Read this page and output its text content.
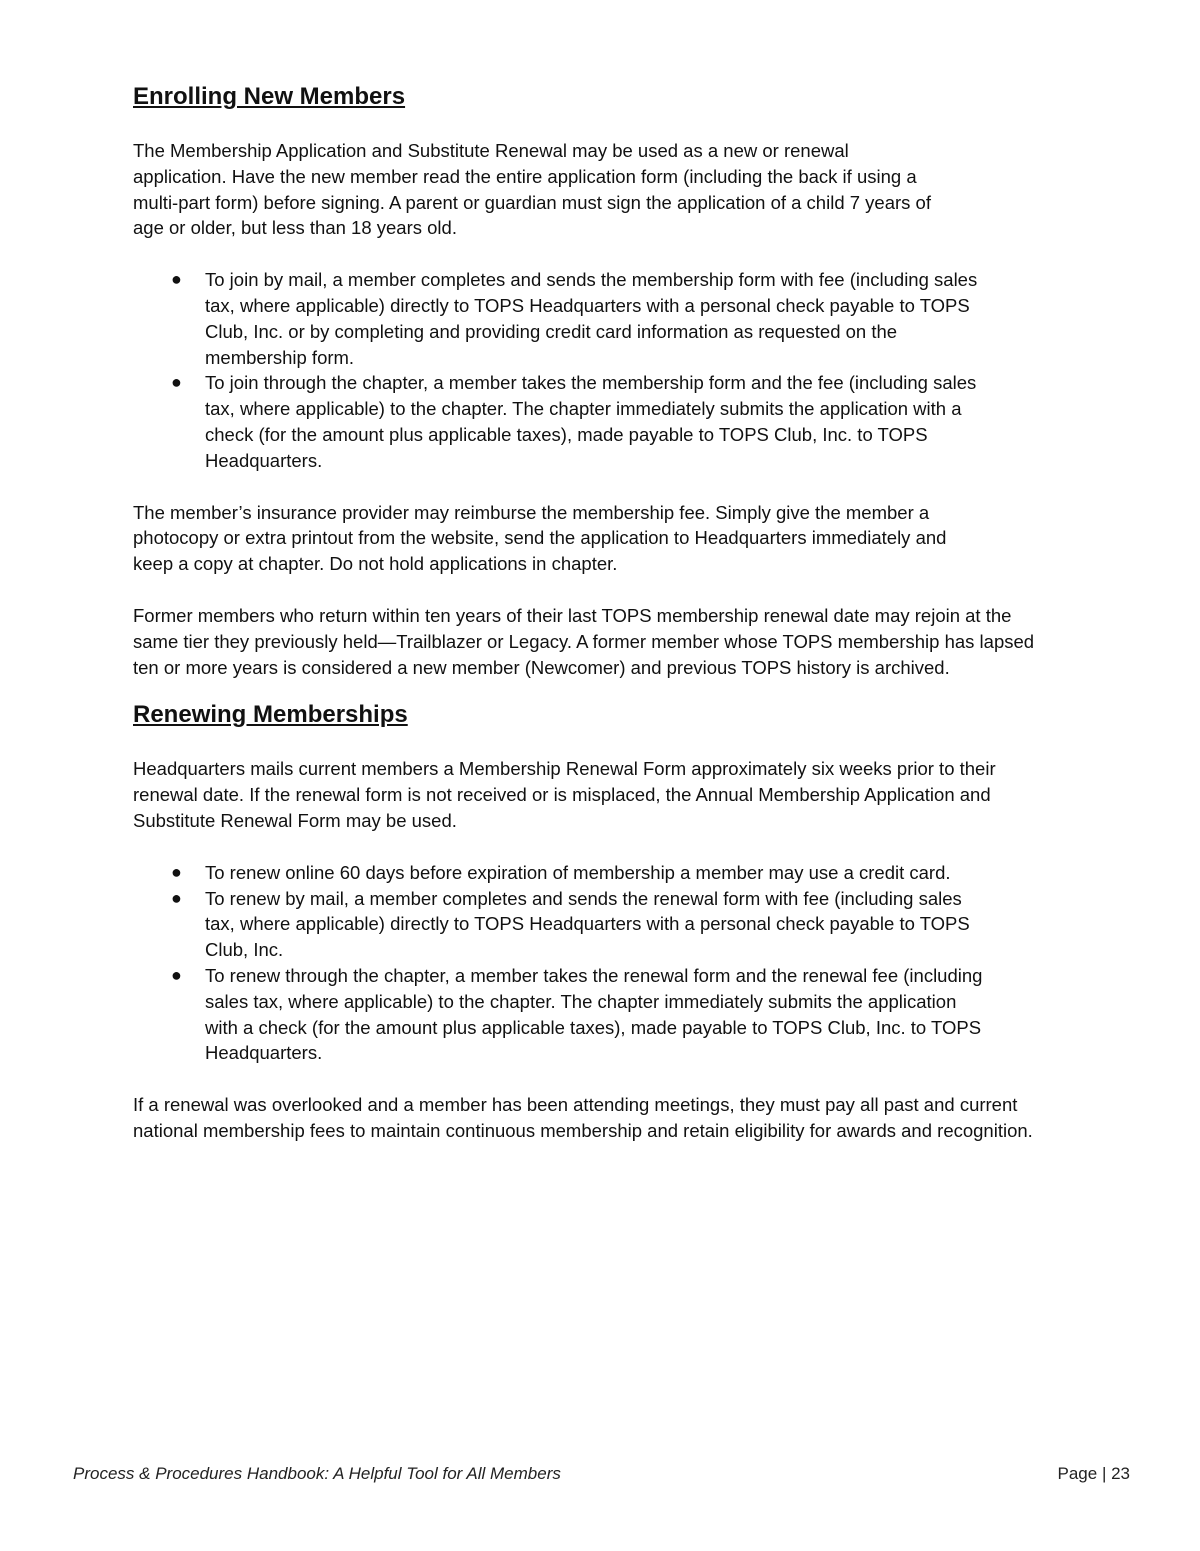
Enrolling New Members

The Membership Application and Substitute Renewal may be used as a new or renewal application. Have the new member read the entire application form (including the back if using a multi-part form) before signing. A parent or guardian must sign the application of a child 7 years of age or older, but less than 18 years old.

● To join by mail, a member completes and sends the membership form with fee (including sales tax, where applicable) directly to TOPS Headquarters with a personal check payable to TOPS Club, Inc. or by completing and providing credit card information as requested on the membership form.
● To join through the chapter, a member takes the membership form and the fee (including sales tax, where applicable) to the chapter. The chapter immediately submits the application with a check (for the amount plus applicable taxes), made payable to TOPS Club, Inc. to TOPS Headquarters.

The member’s insurance provider may reimburse the membership fee. Simply give the member a photocopy or extra printout from the website, send the application to Headquarters immediately and keep a copy at chapter. Do not hold applications in chapter.

Former members who return within ten years of their last TOPS membership renewal date may rejoin at the same tier they previously held—Trailblazer or Legacy. A former member whose TOPS membership has lapsed ten or more years is considered a new member (Newcomer) and previous TOPS history is archived.

Renewing Memberships

Headquarters mails current members a Membership Renewal Form approximately six weeks prior to their renewal date. If the renewal form is not received or is misplaced, the Annual Membership Application and Substitute Renewal Form may be used.

● To renew online 60 days before expiration of membership a member may use a credit card.
● To renew by mail, a member completes and sends the renewal form with fee (including sales tax, where applicable) directly to TOPS Headquarters with a personal check payable to TOPS Club, Inc.
● To renew through the chapter, a member takes the renewal form and the renewal fee (including sales tax, where applicable) to the chapter. The chapter immediately submits the application with a check (for the amount plus applicable taxes), made payable to TOPS Club, Inc. to TOPS Headquarters.

If a renewal was overlooked and a member has been attending meetings, they must pay all past and current national membership fees to maintain continuous membership and retain eligibility for awards and recognition.

Process & Procedures Handbook: A Helpful Tool for All Members	Page | 23
